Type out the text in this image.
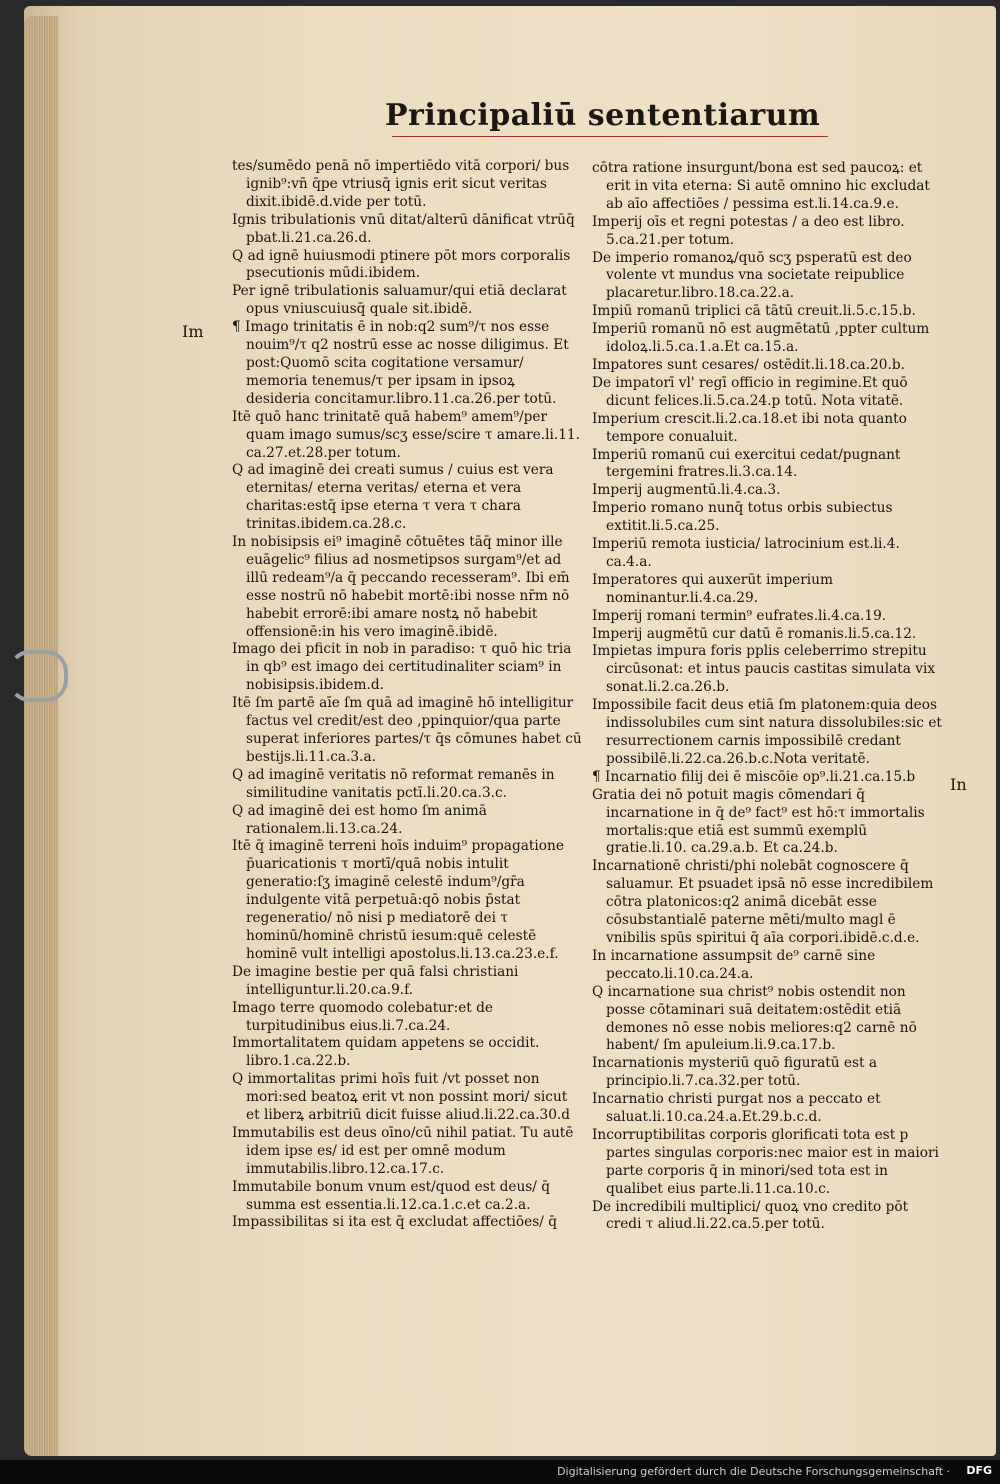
Principaliū sententiarum
Im
In

tes/sumēdo penā nō impertiēdo vitā corpori/ bus ignib⁹:vn̄ q̄pe vtriusq̄ ignis erit sicut veritas dixit.ibidē.d.vide per totū.

Ignis tribulationis vnū ditat/alterū dānificat vtrūq̄ pbat.li.21.ca.26.d.

Q ad ignē huiusmodi ptinere pōt mors corporalis psecutionis mūdi.ibidem.

Per ignē tribulationis saluamur/qui etiā declarat opus vniuscuiusq̄ quale sit.ibidē.

¶ Imago trinitatis ē in nob:q2 sum⁹/τ nos esse nouim⁹/τ q2 nostrū esse ac nosse diligimus. Et post:Quomō scita cogitatione versamur/ memoria tenemus/τ per ipsam in ipsoꝝ desideria concitamur.libro.11.ca.26.per totū.

Itē quō hanc trinitatē quā habem⁹ amem⁹/per quam imago sumus/scʒ esse/scire τ amare.li.11. ca.27.et.28.per totum.

Q ad imaginē dei creati sumus / cuius est vera eternitas/ eterna veritas/ eterna et vera charitas:estq̄ ipse eterna τ vera τ chara trinitas.ibidem.ca.28.c.

In nobisipsis ei⁹ imaginē cōtuētes tāq̄ minor ille euāgelic⁹ filius ad nosmetipsos surgam⁹/et ad illū redeam⁹/a q̄ peccando recesseram⁹. Ibi em̄ esse nostrū nō habebit mortē:ibi nosse nr̄m nō habebit errorē:ibi amare nostꝝ nō habebit offensionē:in his vero imaginē.ibidē.

Imago dei pficit in nob in paradiso: τ quō hic tria in qb⁹ est imago dei certitudinaliter sciam⁹ in nobisipsis.ibidem.d.

Itē ſm partē aīe ſm quā ad imaginē hō intelligitur factus vel credit/est deo ,ppinquior/qua parte superat inferiores partes/τ q̄s cōmunes habet cū bestijs.li.11.ca.3.a.

Q ad imaginē veritatis nō reformat remanēs in similitudine vanitatis pctī.li.20.ca.3.c.

Q ad imaginē dei est homo ſm animā rationalem.li.13.ca.24.

Itē q̄ imaginē terreni hoīs induim⁹ propagatione p̄uaricationis τ mortī/quā nobis intulit generatio:ſʒ imaginē celestē indum⁹/gr̄a indulgente vitā perpetuā:qō nobis p̄stat regeneratio/ nō nisi p mediatorē dei τ hominū/hominē christū iesum:quē celestē hominē vult intelligi apostolus.li.13.ca.23.e.f.

De imagine bestie per quā falsi christiani intelliguntur.li.20.ca.9.f.

Imago terre quomodo colebatur:et de turpitudinibus eius.li.7.ca.24.

Immortalitatem quidam appetens se occidit. libro.1.ca.22.b.

Q immortalitas primi hoīs fuit /vt posset non mori:sed beatoꝝ erit vt non possint mori/ sicut et liberꝝ arbitriū dicit fuisse aliud.li.22.ca.30.d

Immutabilis est deus oīno/cū nihil patiat. Tu autē idem ipse es/ id est per omnē modum immutabilis.libro.12.ca.17.c.

Immutabile bonum vnum est/quod est deus/ q̄ summa est essentia.li.12.ca.1.c.et ca.2.a.

Impassibilitas si ita est q̄ excludat affectiōes/ q̄

cōtra ratione insurgunt/bona est sed paucoꝝ: et erit in vita eterna: Si autē omnino hic excludat ab aīo affectiōes / pessima est.li.14.ca.9.e.

Imperij oīs et regni potestas / a deo est libro. 5.ca.21.per totum.

De imperio romanoꝝ/quō scʒ psperatū est deo volente vt mundus vna societate reipublice placaretur.libro.18.ca.22.a.

Impiū romanū triplici cā tātū creuit.li.5.c.15.b.

Imperiū romanū nō est augmētatū ,ppter cultum idoloꝝ.li.5.ca.1.a.Et ca.15.a.

Impatores sunt cesares/ ostēdit.li.18.ca.20.b.

De impatorī vl' regī officio in regimine.Et quō dicunt felices.li.5.ca.24.p totū. Nota vitatē.

Imperium crescit.li.2.ca.18.et ibi nota quanto tempore conualuit.

Imperiū romanū cui exercitui cedat/pugnant tergemini fratres.li.3.ca.14.

Imperij augmentū.li.4.ca.3.

Imperio romano nunq̄ totus orbis subiectus extitit.li.5.ca.25.

Imperiū remota iusticia/ latrocinium est.li.4. ca.4.a.

Imperatores qui auxerūt imperium nominantur.li.4.ca.29.

Imperij romani termin⁹ eufrates.li.4.ca.19.

Imperij augmētū cur datū ē romanis.li.5.ca.12.

Impietas impura foris pplis celeberrimo strepitu circūsonat: et intus paucis castitas simulata vix sonat.li.2.ca.26.b.

Impossibile facit deus etiā ſm platonem:quia deos indissolubiles cum sint natura dissolubiles:sic et resurrectionem carnis impossibilē credant possibilē.li.22.ca.26.b.c.Nota veritatē.

¶ Incarnatio filij dei ē miscōie op⁹.li.21.ca.15.b

Gratia dei nō potuit magis cōmendari q̄ incarnatione in q̄ de⁹ fact⁹ est hō:τ immortalis mortalis:que etiā est summū exemplū gratie.li.10. ca.29.a.b. Et ca.24.b.

Incarnationē christi/phi nolebāt cognoscere q̄ saluamur. Et psuadet ipsā nō esse incredibilem cōtra platonicos:q2 animā dicebāt esse cōsubstantialē paterne mēti/multo magl ē vnibilis spūs spiritui q̄ aīa corpori.ibidē.c.d.e.

In incarnatione assumpsit de⁹ carnē sine peccato.li.10.ca.24.a.

Q incarnatione sua christ⁹ nobis ostendit non posse cōtaminari suā deitatem:ostēdit etiā demones nō esse nobis meliores:q2 carnē nō habent/ ſm apuleium.li.9.ca.17.b.

Incarnationis mysteriū quō figuratū est a principio.li.7.ca.32.per totū.

Incarnatio christi purgat nos a peccato et saluat.li.10.ca.24.a.Et.29.b.c.d.

Incorruptibilitas corporis glorificati tota est p partes singulas corporis:nec maior est in maiori parte corporis q̄ in minori/sed tota est in qualibet eius parte.li.11.ca.10.c.

De incredibili multiplici/ quoꝝ vno credito pōt credi τ aliud.li.22.ca.5.per totū.

Digitalisierung gefördert durch die Deutsche Forschungsgemeinschaft · DFG
